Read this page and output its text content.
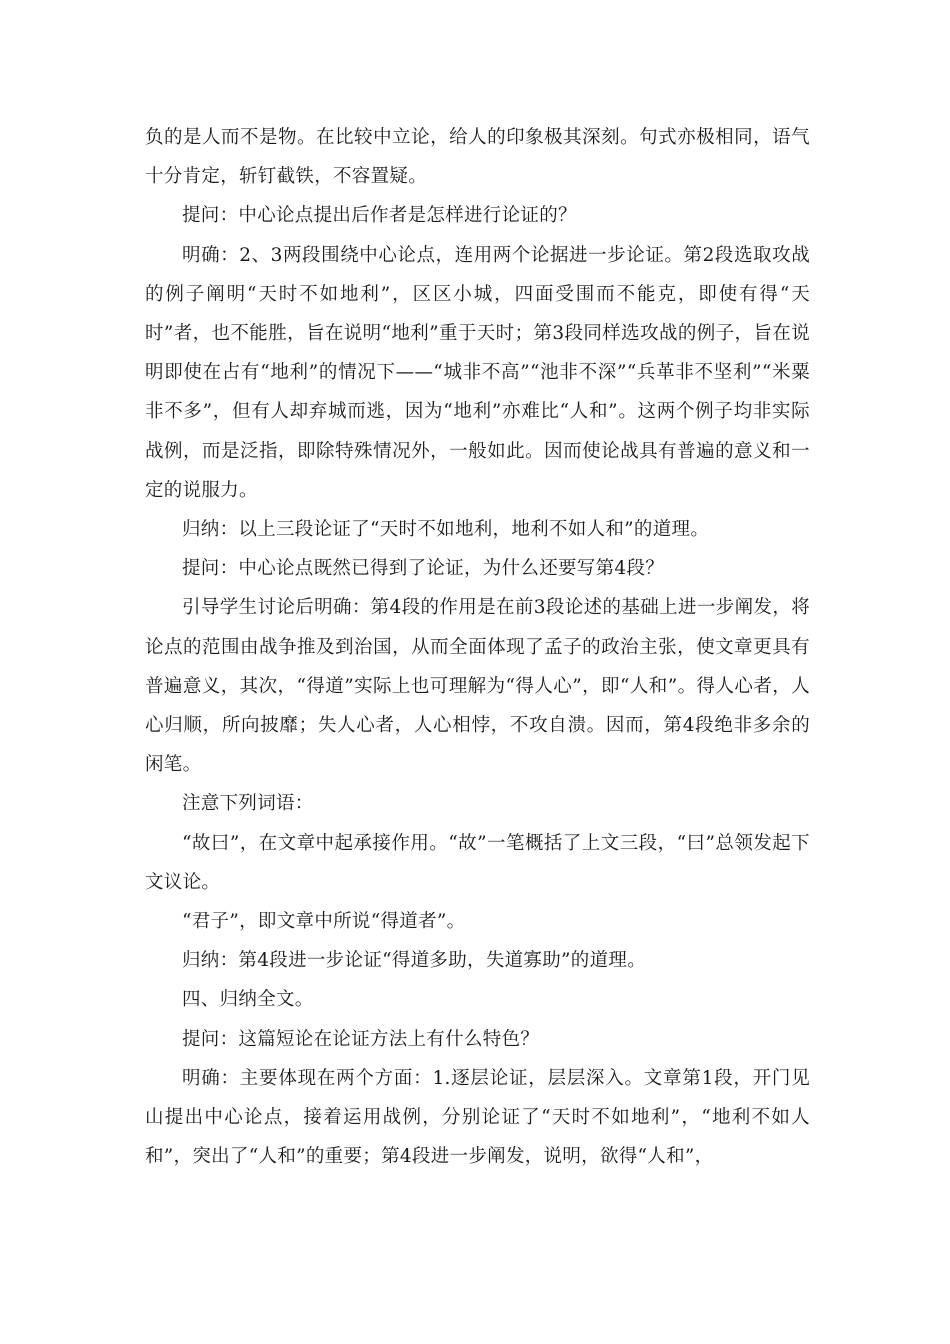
负的是人而不是物。在比较中立论，给人的印象极其深刻。句式亦极相同，语气十分肯定，斩钉截铁，不容置疑。

提问：中心论点提出后作者是怎样进行论证的？

明确：2、3两段围绕中心论点，连用两个论据进一步论证。第2段选取攻战的例子阐明“天时不如地利”，区区小城，四面受围而不能克，即使有得“天时”者，也不能胜，旨在说明“地利”重于天时；第3段同样选攻战的例子，旨在说明即使在占有“地利”的情况下——“城非不高”“池非不深”“兵革非不坚利”“米粟非不多”，但有人却弃城而逃，因为“地利”亦难比“人和”。这两个例子均非实际战例，而是泛指，即除特殊情况外，一般如此。因而使论战具有普遍的意义和一定的说服力。

归纳：以上三段论证了“天时不如地利，地利不如人和”的道理。

提问：中心论点既然已得到了论证，为什么还要写第4段？

引导学生讨论后明确：第4段的作用是在前3段论述的基础上进一步阐发，将论点的范围由战争推及到治国，从而全面体现了孟子的政治主张，使文章更具有普遍意义，其次，“得道”实际上也可理解为“得人心”，即“人和”。得人心者，人心归顺，所向披靡；失人心者，人心相悖，不攻自溃。因而，第4段绝非多余的闲笔。

注意下列词语：

“故曰”，在文章中起承接作用。“故”一笔概括了上文三段，“曰”总领发起下文议论。

“君子”，即文章中所说“得道者”。

归纳：第4段进一步论证“得道多助，失道寡助”的道理。

四、归纳全文。

提问：这篇短论在论证方法上有什么特色？

明确：主要体现在两个方面：1.逐层论证，层层深入。文章第1段，开门见山提出中心论点，接着运用战例，分别论证了“天时不如地利”，“地利不如人和”，突出了“人和”的重要；第4段进一步阐发，说明，欲得“人和”，
